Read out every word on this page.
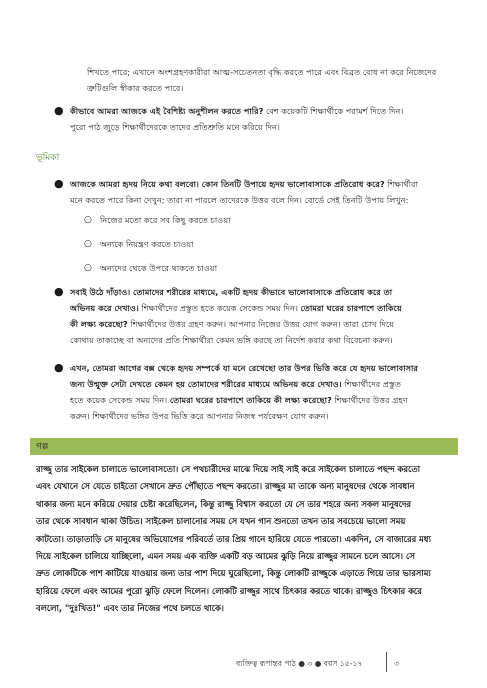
শিখতে পারে; এখানে অংশগ্রহণকারীরা আত্ম-সচেতনতা বৃদ্ধি করতে পারে এবং বিব্রত বোধ না করে নিজেদের

ত্রুটিগুলি স্বীকার করতে পারে।

● কীভাবে আমরা আজকে এই বৈশিষ্ট্য অনুশীলন করতে পারি? বেশ কয়েকটি শিক্ষার্থীকে পরামর্শ দিতে দিন।
পুরো পাঠ জুড়ে শিক্ষার্থীদেরকে তাদের প্রতিশ্রুতি মনে করিয়ে দিন।
ভূমিকা
● আজকে আমরা হৃদয় নিয়ে কথা বলবো। কোন তিনটি উপায়ে হৃদয় ভালোবাসাকে প্রতিরোধ করে? শিক্ষার্থীরা
মনে করতে পারে কিনা দেখুন; তারা না পারলে তাদেরকে উত্তর বলে দিন। বোর্ডে সেই তিনটি উপায় লিখুন:
○ নিজের মতো করে সব কিছু করতে চাওয়া
○ অন্যকে নিয়ন্ত্রণ করতে চাওয়া
○ অন্যদের থেকে উপরে থাকতে চাওয়া
● সবাই উঠে দাঁড়াও। তোমাদের শরীরের মাধ্যমে, একটি হৃদয় কীভাবে ভালোবাসাকে প্রতিরোধ করে তা
অভিনয় করে দেখাও। শিক্ষার্থীদের প্রস্তুত হতে কয়েক সেকেন্ড সময় দিন। তোমরা ঘরের চারপাশে তাকিয়ে
কী লক্ষ্য করেছো? শিক্ষার্থীদের উত্তর গ্রহণ করুন। আপনার নিজের উত্তর যোগ করুন। তারা চোখ দিয়ে
কোথায় তাকাচ্ছে বা অন্যদের প্রতি শিক্ষার্থীরা কেমন ভঙ্গি করছে তা নির্দেশ করার কথা বিবেচনা করুন।
● এখন, তোমরা আগের বক্স থেকে হৃদয় সম্পর্কে যা মনে রেখেছো তার উপর ভিত্তি করে যে হৃদয় ভালোবাসার
জন্য উন্মুক্ত সেটা দেখতে কেমন হয় তোমাদের শরীরের মাধ্যমে অভিনয় করে দেখাও। শিক্ষার্থীদের প্রস্তুত
হতে কয়েক সেকেন্ড সময় দিন। তোমরা ঘরের চারপাশে তাকিয়ে কী লক্ষ্য করেছো? শিক্ষার্থীদের উত্তর গ্রহণ
করুন। শিক্ষার্থীদের ভঙ্গির উপর ভিত্তি করে আপনার নিজস্ব পর্যবেক্ষণ যোগ করুন।
গল্প
রাজ্জু তার সাইকেল চালাতে ভালোবাসতো। সে পথচারীদের মাঝে দিয়ে সাই সাই করে সাইকেল চালাতে পছন্দ করতো
এবং যেখানে সে যেতে চাইতো সেখানে দ্রুত পৌঁছাতে পছন্দ করতো। রাজ্জুর মা তাকে অন্য মানুষদের থেকে সাবধান
থাকার জন্য মনে করিয়ে দেয়ার চেষ্টা করেছিলেন, কিন্তু রাজ্জু বিশ্বাস করতো যে সে তার শহরে অন্য সকল মানুষদের
তার থেকে সাবধান থাকা উচিত। সাইকেল চালানোর সময় সে যখন গান শুনতো তখন তার সবচেয়ে ভালো সময়
কাটতো। তাড়াতাড়ি সে মানুষের অভিযোগের পরিবর্তে তার প্রিয় গানে হারিয়ে যেতে পারতো। একদিন, সে বাজারের মধ্য
দিয়ে সাইকেল চালিয়ে যাচ্ছিলো, এমন সময় এক ব্যক্তি একটি বড় আমের ঝুড়ি নিয়ে রাজ্জুর সামনে চলে আসে। সে
দ্রুত লোকটিকে পাশ কাটিয়ে যাওয়ার জন্য তার পাশ দিয়ে ঘুরেছিলো, কিন্তু লোকটি রাজ্জুকে এড়াতে গিয়ে তার ভারসাম্য
হারিয়ে ফেলে এবং আমের পুরো ঝুড়ি ফেলে দিলেন। লোকটি রাজ্জুর সাথে চিৎকার করতে থাকে। রাজ্জুও চিৎকার করে
বললো, "দুঃখিত!" এবং তার নিজের পথে চলতে থাকে।
ব্যক্তিত্ব রূপান্তর পাঠ ● ৩ ● বয়স ১৫-১৭	৩
